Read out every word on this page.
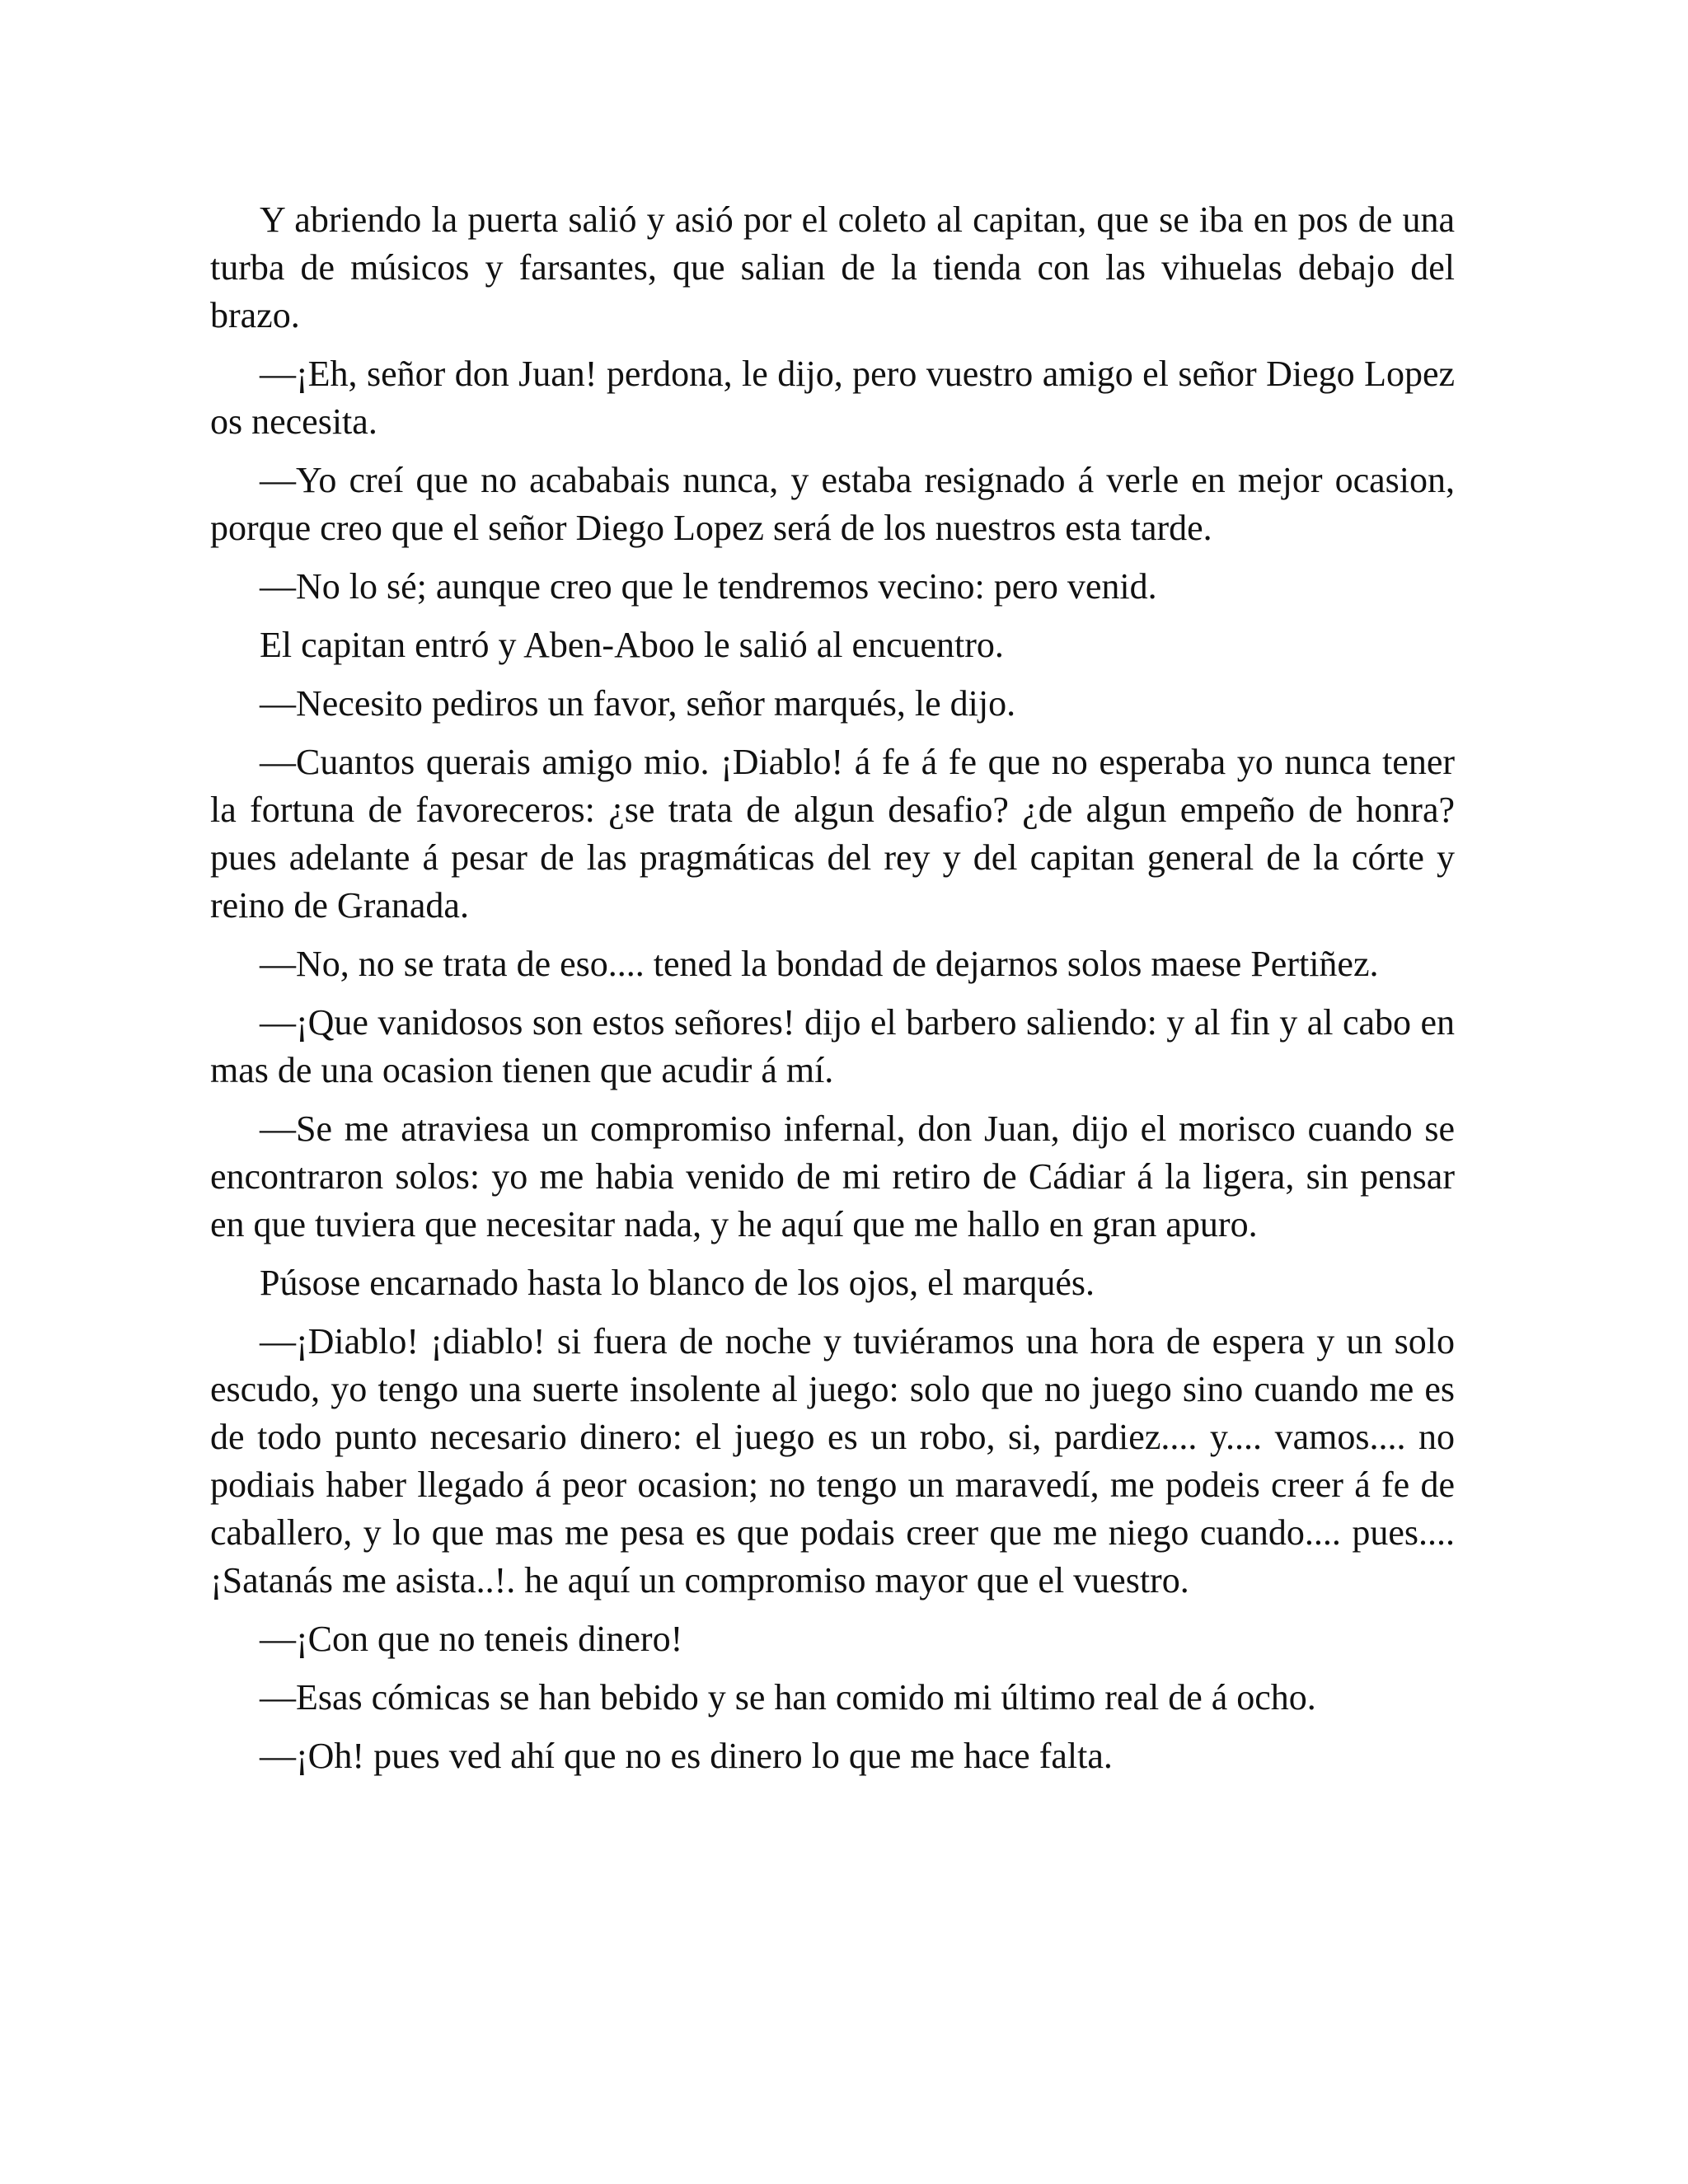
Y abriendo la puerta salió y asió por el coleto al capitan, que se iba en pos de una turba de músicos y farsantes, que salian de la tienda con las vihuelas debajo del brazo.

—¡Eh, señor don Juan! perdona, le dijo, pero vuestro amigo el señor Diego Lopez os necesita.

—Yo creí que no acababais nunca, y estaba resignado á verle en mejor ocasion, porque creo que el señor Diego Lopez será de los nuestros esta tarde.

—No lo sé; aunque creo que le tendremos vecino: pero venid.

El capitan entró y Aben-Aboo le salió al encuentro.

—Necesito pediros un favor, señor marqués, le dijo.

—Cuantos querais amigo mio. ¡Diablo! á fe á fe que no esperaba yo nunca tener la fortuna de favoreceros: ¿se trata de algun desafio? ¿de algun empeño de honra? pues adelante á pesar de las pragmáticas del rey y del capitan general de la córte y reino de Granada.

—No, no se trata de eso.... tened la bondad de dejarnos solos maese Pertiñez.

—¡Que vanidosos son estos señores! dijo el barbero saliendo: y al fin y al cabo en mas de una ocasion tienen que acudir á mí.

—Se me atraviesa un compromiso infernal, don Juan, dijo el morisco cuando se encontraron solos: yo me habia venido de mi retiro de Cádiar á la ligera, sin pensar en que tuviera que necesitar nada, y he aquí que me hallo en gran apuro.

Púsose encarnado hasta lo blanco de los ojos, el marqués.

—¡Diablo! ¡diablo! si fuera de noche y tuviéramos una hora de espera y un solo escudo, yo tengo una suerte insolente al juego: solo que no juego sino cuando me es de todo punto necesario dinero: el juego es un robo, si, pardiez.... y.... vamos.... no podiais haber llegado á peor ocasion; no tengo un maravedí, me podeis creer á fe de caballero, y lo que mas me pesa es que podais creer que me niego cuando.... pues.... ¡Satanás me asista..!. he aquí un compromiso mayor que el vuestro.

—¡Con que no teneis dinero!

—Esas cómicas se han bebido y se han comido mi último real de á ocho.

—¡Oh! pues ved ahí que no es dinero lo que me hace falta.
